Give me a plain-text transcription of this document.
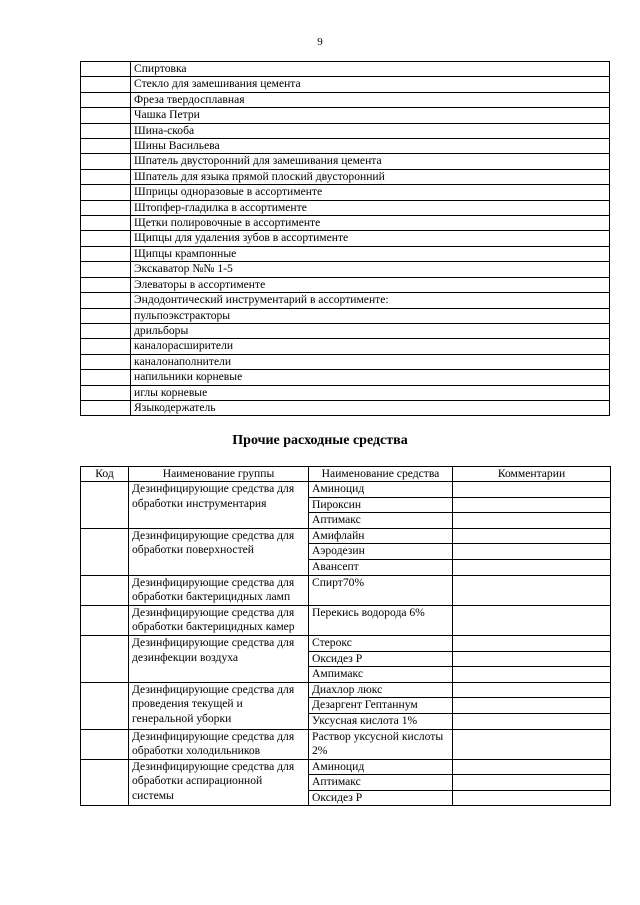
9
	Спиртовка
	Стекло для замешивания цемента
	Фреза твердосплавная
	Чашка Петри
	Шина-скоба
	Шины Васильева
	Шпатель двусторонний для замешивания цемента
	Шпатель для языка прямой плоский двусторонний
	Шприцы одноразовые в ассортименте
	Штопфер-гладилка в ассортименте
	Щетки полировочные в ассортименте
	Щипцы для удаления зубов в ассортименте
	Щипцы крампонные
	Экскаватор №№ 1-5
	Элеваторы в ассортименте
	Эндодонтический инструментарий в ассортименте:
	пульпоэкстракторы
	дрильборы
	каналорасширители
	каналонаполнители
	напильники корневые
	иглы корневые
	Языкодержатель
Прочие расходные средства
Код	Наименование группы	Наименование средства	Комментарии
	Дезинфицирующие средства для обработки инструментария	Аминоцид	
		Пироксин	
		Аптимакс	
	Дезинфицирующие средства для обработки поверхностей	Амифлайн	
		Аэродезин	
		Авансепт	
	Дезинфицирующие средства для обработки бактерицидных ламп	Спирт70%	
	Дезинфицирующие средства для обработки бактерицидных камер	Перекись водорода 6%	
	Дезинфицирующие средства для дезинфекции воздуха	Стерокс	
		Оксидез Р	
		Ампимакс	
	Дезинфицирующие средства для проведения текущей и генеральной уборки	Диахлор люкс	
		Дезаргент Гептаннум	
		Уксусная кислота 1%	
	Дезинфицирующие средства для обработки холодильников	Раствор уксусной кислоты 2%	
	Дезинфицирующие средства для обработки аспирационной системы	Аминоцид	
		Аптимакс	
		Оксидез Р	
